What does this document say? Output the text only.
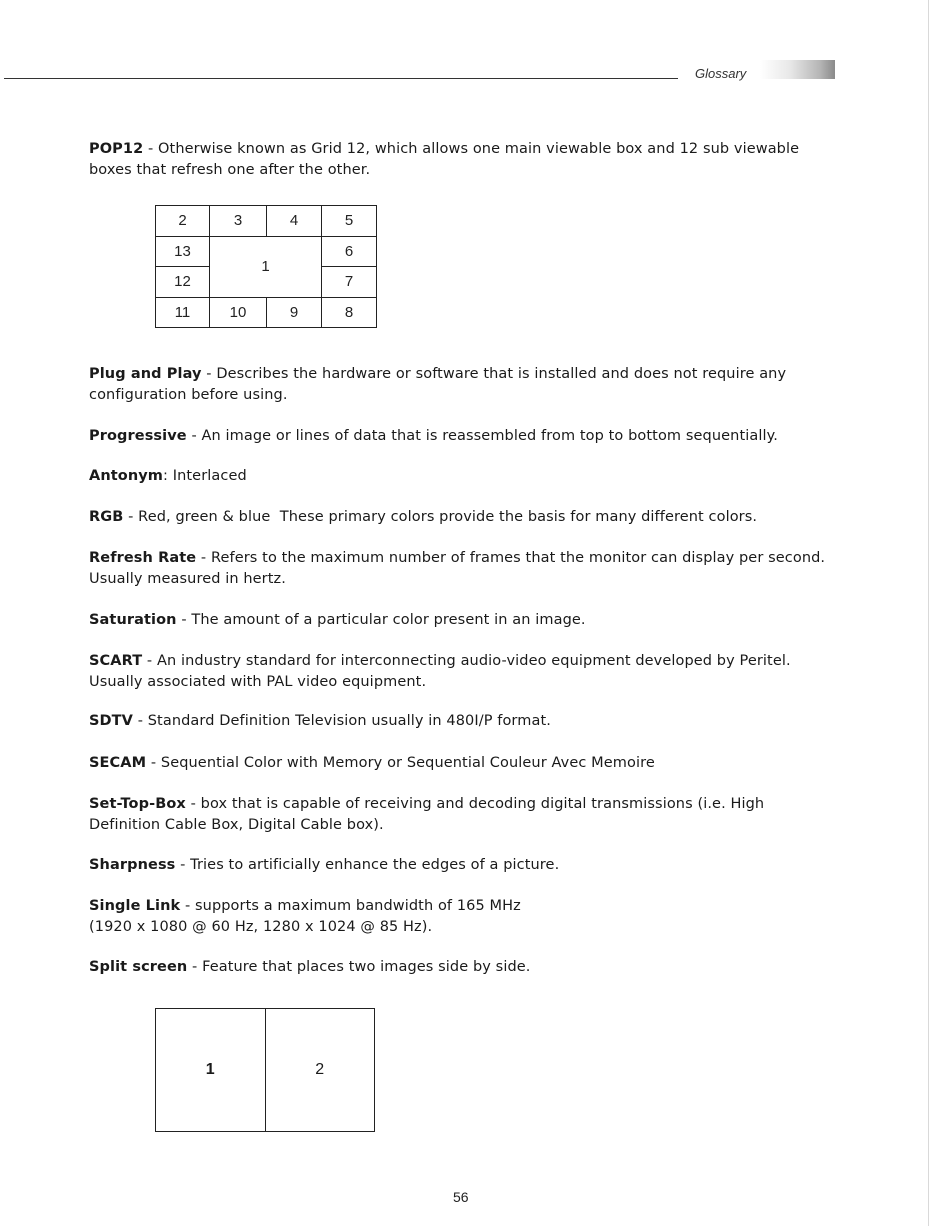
Glossary

POP12 - Otherwise known as Grid 12, which allows one main viewable box and 12 sub viewable boxes that refresh one after the other.

2	3	4	5
13	1		6
12			7
11	10	9	8

Plug and Play - Describes the hardware or software that is installed and does not require any configuration before using.

Progressive - An image or lines of data that is reassembled from top to bottom sequentially.

Antonym: Interlaced

RGB - Red, green & blue  These primary colors provide the basis for many different colors.

Refresh Rate - Refers to the maximum number of frames that the monitor can display per second. Usually measured in hertz.

Saturation - The amount of a particular color present in an image.

SCART - An industry standard for interconnecting audio-video equipment developed by Peritel. Usually associated with PAL video equipment.

SDTV - Standard Definition Television usually in 480I/P format.

SECAM - Sequential Color with Memory or Sequential Couleur Avec Memoire

Set-Top-Box - box that is capable of receiving and decoding digital transmissions (i.e. High Definition Cable Box, Digital Cable box).

Sharpness - Tries to artificially enhance the edges of a picture.

Single Link - supports a maximum bandwidth of 165 MHz
(1920 x 1080 @ 60 Hz, 1280 x 1024 @ 85 Hz).

Split screen - Feature that places two images side by side.

1	2
56
